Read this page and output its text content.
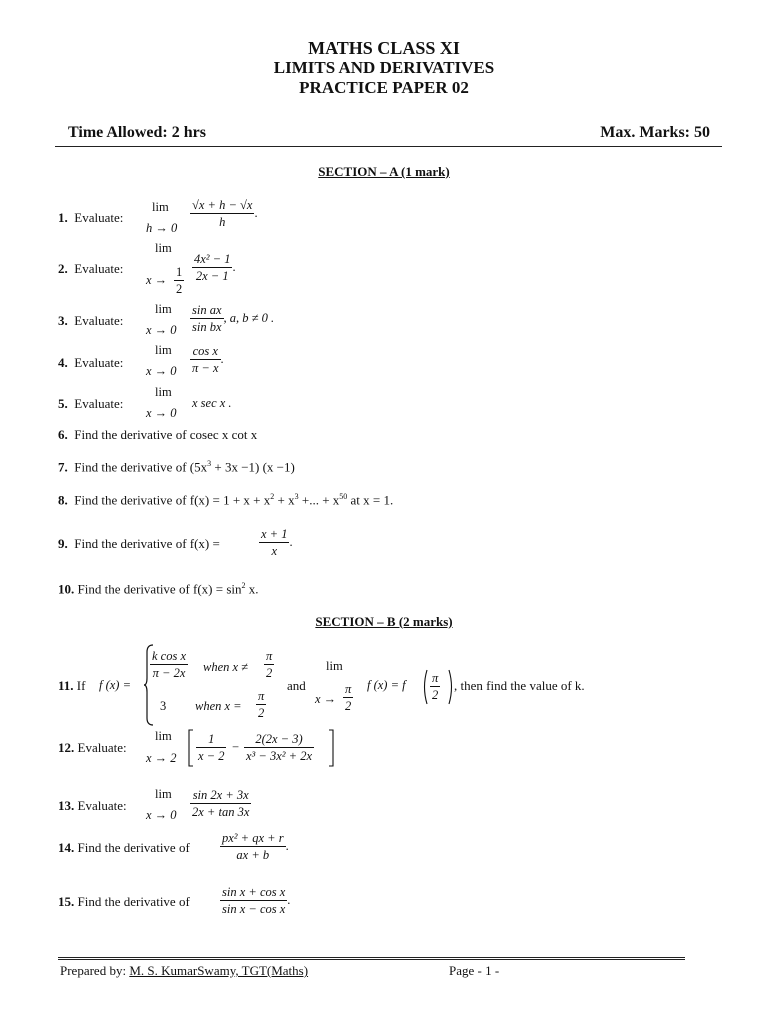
MATHS CLASS XI
LIMITS AND DERIVATIVES
PRACTICE PAPER 02
Time Allowed: 2 hrs	Max. Marks: 50
SECTION – A (1 mark)
1. Evaluate:
lim
$h \to 0 \frac{√x + h - √x}{h}$ .
2. Evaluate:
lim
$x \to \frac{1}{2} \frac{\text{4x² − 1}}{2x - 1}$ .
3. Evaluate:
lim
$x \to 0 \frac{\text{sin ax}}{\text{sin bx}}$ , a, b ≠ 0 .
4. Evaluate:
lim
$x \to 0 \frac{\text{cos x}}{\pi - x}$ .
5. Evaluate:
lim
x → 0
x sec x .
6. Find the derivative of cosec x cot x
7. Find the derivative of $(5x^3 + 3x -1)$ (x −1)
8. Find the derivative of $f(x) = 1 + x + x^2 + x^3$ +... + $x^{50}$ at x = 1.
9. Find the derivative of f(x) =	$\frac{x + 1}{x}$ .
10. Find the derivative of $f(x) = \sin^2 x$.
SECTION – B (2 marks)
11. If f (x) =
$\frac{\text{k cos x}}{\pi - 2x}$ when $x \ne \frac{\pi}{2}$
3 when $x = \frac{\pi}{2}$
and
lim
$x \to \frac{\pi}{2}$ f (x) = f $\frac{\pi}{2}$ , then find the value of k.
12. Evaluate:
lim
$x \to 2 \frac{1}{x - 2} - \frac{2(2x - 3)}{\text{x³ − 3x² + 2x}}$
13. Evaluate:
lim
$x \to 0 \frac{\sin 2x + 3x}{2x + \tan 3x}$
14. Find the derivative of $\frac{\text{px² + qx + r}}{ax + b}$ .
15. Find the derivative of $\frac{\text{sin x + cos x}}{\text{sin x − cos x}}$ .
Prepared by: M. S. KumarSwamy, TGT(Maths)	Page - 1 -
